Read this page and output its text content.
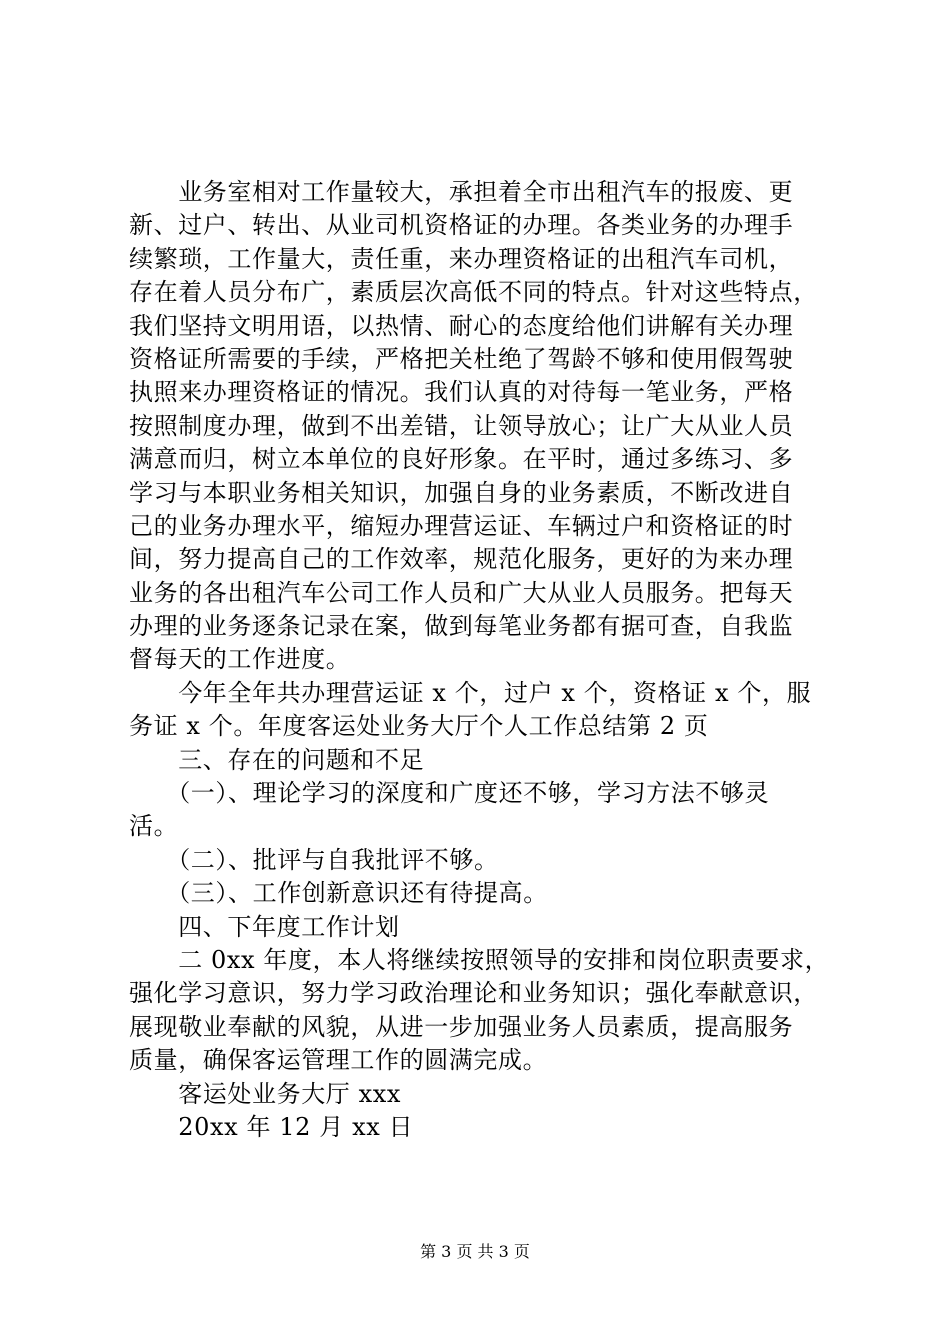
　　业务室相对工作量较大，承担着全市出租汽车的报废、更
新、过户、转出、从业司机资格证的办理。各类业务的办理手
续繁琐，工作量大，责任重，来办理资格证的出租汽车司机，
存在着人员分布广，素质层次高低不同的特点。针对这些特点，
我们坚持文明用语，以热情、耐心的态度给他们讲解有关办理
资格证所需要的手续，严格把关杜绝了驾龄不够和使用假驾驶
执照来办理资格证的情况。我们认真的对待每一笔业务，严格
按照制度办理，做到不出差错，让领导放心；让广大从业人员
满意而归，树立本单位的良好形象。在平时，通过多练习、多
学习与本职业务相关知识，加强自身的业务素质，不断改进自
己的业务办理水平，缩短办理营运证、车辆过户和资格证的时
间，努力提高自己的工作效率，规范化服务，更好的为来办理
业务的各出租汽车公司工作人员和广大从业人员服务。把每天
办理的业务逐条记录在案，做到每笔业务都有据可查，自我监
督每天的工作进度。
　　今年全年共办理营运证 x 个，过户 x 个，资格证 x 个，服
务证 x 个。年度客运处业务大厅个人工作总结第 2 页
　　三、存在的问题和不足
　　（一）、理论学习的深度和广度还不够，学习方法不够灵
活。
　　（二）、批评与自我批评不够。
　　（三）、工作创新意识还有待提高。
　　四、下年度工作计划
　　二 0xx 年度，本人将继续按照领导的安排和岗位职责要求，
强化学习意识，努力学习政治理论和业务知识；强化奉献意识，
展现敬业奉献的风貌，从进一步加强业务人员素质，提高服务
质量，确保客运管理工作的圆满完成。
　　客运处业务大厅 xxx
　　20xx 年 12 月 xx 日
第 3 页 共 3 页
